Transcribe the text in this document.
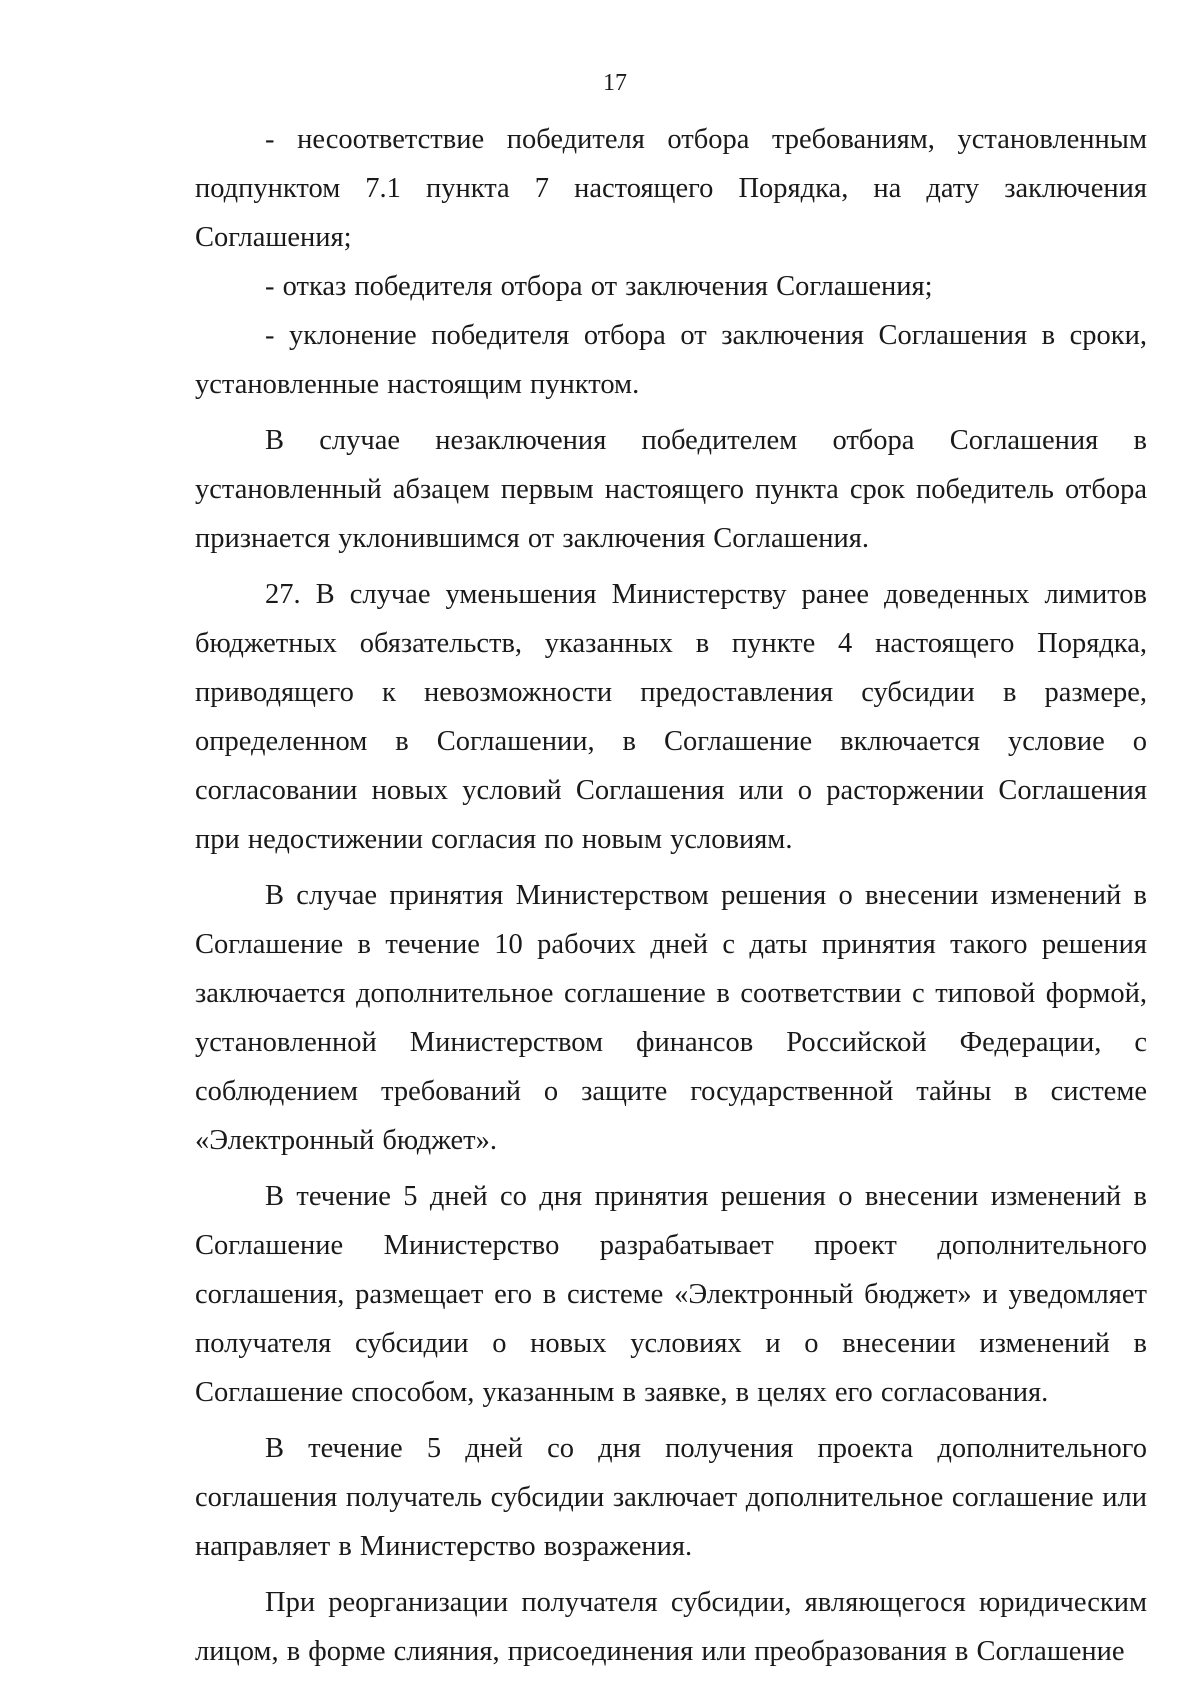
17

- несоответствие победителя отбора требованиям, установленным подпунктом 7.1 пункта 7 настоящего Порядка, на дату заключения Соглашения;

- отказ победителя отбора от заключения Соглашения;

- уклонение победителя отбора от заключения Соглашения в сроки, установленные настоящим пунктом.

В случае незаключения победителем отбора Соглашения в установленный абзацем первым настоящего пункта срок победитель отбора признается уклонившимся от заключения Соглашения.

27. В случае уменьшения Министерству ранее доведенных лимитов бюджетных обязательств, указанных в пункте 4 настоящего Порядка, приводящего к невозможности предоставления субсидии в размере, определенном в Соглашении, в Соглашение включается условие о согласовании новых условий Соглашения или о расторжении Соглашения при недостижении согласия по новым условиям.

В случае принятия Министерством решения о внесении изменений в Соглашение в течение 10 рабочих дней с даты принятия такого решения заключается дополнительное соглашение в соответствии с типовой формой, установленной Министерством финансов Российской Федерации, с соблюдением требований о защите государственной тайны в системе «Электронный бюджет».

В течение 5 дней со дня принятия решения о внесении изменений в Соглашение Министерство разрабатывает проект дополнительного соглашения, размещает его в системе «Электронный бюджет» и уведомляет получателя субсидии о новых условиях и о внесении изменений в Соглашение способом, указанным в заявке, в целях его согласования.

В течение 5 дней со дня получения проекта дополнительного соглашения получатель субсидии заключает дополнительное соглашение или направляет в Министерство возражения.

При реорганизации получателя субсидии, являющегося юридическим лицом, в форме слияния, присоединения или преобразования в Соглашение
